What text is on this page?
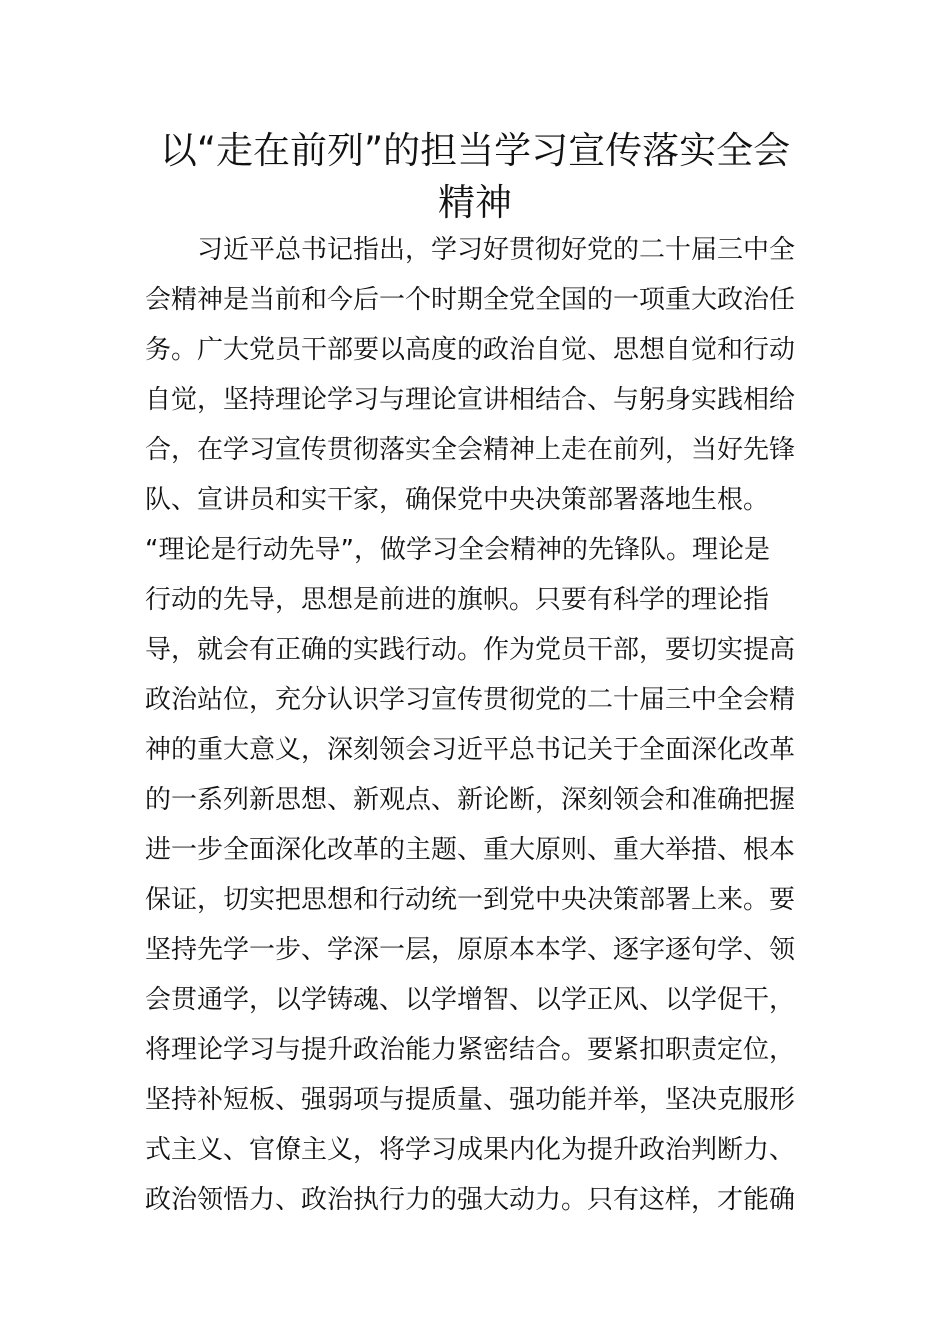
以“走在前列”的担当学习宣传落实全会
精神
　　习近平总书记指出，学习好贯彻好党的二十届三中全
会精神是当前和今后一个时期全党全国的一项重大政治任
务。广大党员干部要以高度的政治自觉、思想自觉和行动
自觉，坚持理论学习与理论宣讲相结合、与躬身实践相给
合，在学习宣传贯彻落实全会精神上走在前列，当好先锋
队、宣讲员和实干家，确保党中央决策部署落地生根。
“理论是行动先导”，做学习全会精神的先锋队。理论是
行动的先导，思想是前进的旗帜。只要有科学的理论指
导，就会有正确的实践行动。作为党员干部，要切实提高
政治站位，充分认识学习宣传贯彻党的二十届三中全会精
神的重大意义，深刻领会习近平总书记关于全面深化改革
的一系列新思想、新观点、新论断，深刻领会和准确把握
进一步全面深化改革的主题、重大原则、重大举措、根本
保证，切实把思想和行动统一到党中央决策部署上来。要
坚持先学一步、学深一层，原原本本学、逐字逐句学、领
会贯通学，以学铸魂、以学增智、以学正风、以学促干，
将理论学习与提升政治能力紧密结合。要紧扣职责定位，
坚持补短板、强弱项与提质量、强功能并举，坚决克服形
式主义、官僚主义，将学习成果内化为提升政治判断力、
政治领悟力、政治执行力的强大动力。只有这样，才能确
